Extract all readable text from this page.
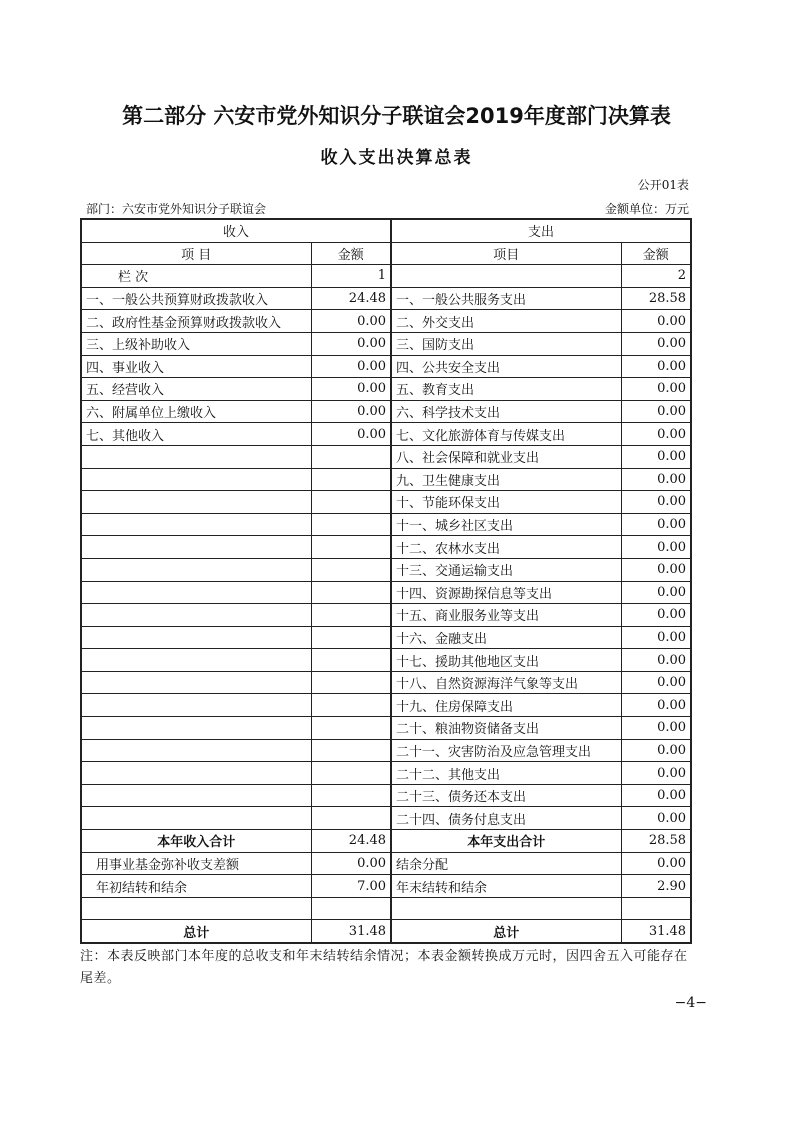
第二部分 六安市党外知识分子联谊会2019年度部门决算表
收入支出决算总表
公开01表
部门：六安市党外知识分子联谊会	金额单位：万元
收入		支出	
项 目	金额	项目	金额
栏 次	1		2
一、一般公共预算财政拨款收入	24.48	一、一般公共服务支出	28.58
二、政府性基金预算财政拨款收入	0.00	二、外交支出	0.00
三、上级补助收入	0.00	三、国防支出	0.00
四、事业收入	0.00	四、公共安全支出	0.00
五、经营收入	0.00	五、教育支出	0.00
六、附属单位上缴收入	0.00	六、科学技术支出	0.00
七、其他收入	0.00	七、文化旅游体育与传媒支出	0.00
		八、社会保障和就业支出	0.00
		九、卫生健康支出	0.00
		十、节能环保支出	0.00
		十一、城乡社区支出	0.00
		十二、农林水支出	0.00
		十三、交通运输支出	0.00
		十四、资源勘探信息等支出	0.00
		十五、商业服务业等支出	0.00
		十六、金融支出	0.00
		十七、援助其他地区支出	0.00
		十八、自然资源海洋气象等支出	0.00
		十九、住房保障支出	0.00
		二十、粮油物资储备支出	0.00
		二十一、灾害防治及应急管理支出	0.00
		二十二、其他支出	0.00
		二十三、债务还本支出	0.00
		二十四、债务付息支出	0.00
本年收入合计	24.48	本年支出合计	28.58
用事业基金弥补收支差额	0.00	结余分配	0.00
年初结转和结余	7.00	年末结转和结余	2.90

总计	31.48	总计	31.48
注：本表反映部门本年度的总收支和年末结转结余情况；本表金额转换成万元时，因四舍五入可能存在尾差。
−4−
